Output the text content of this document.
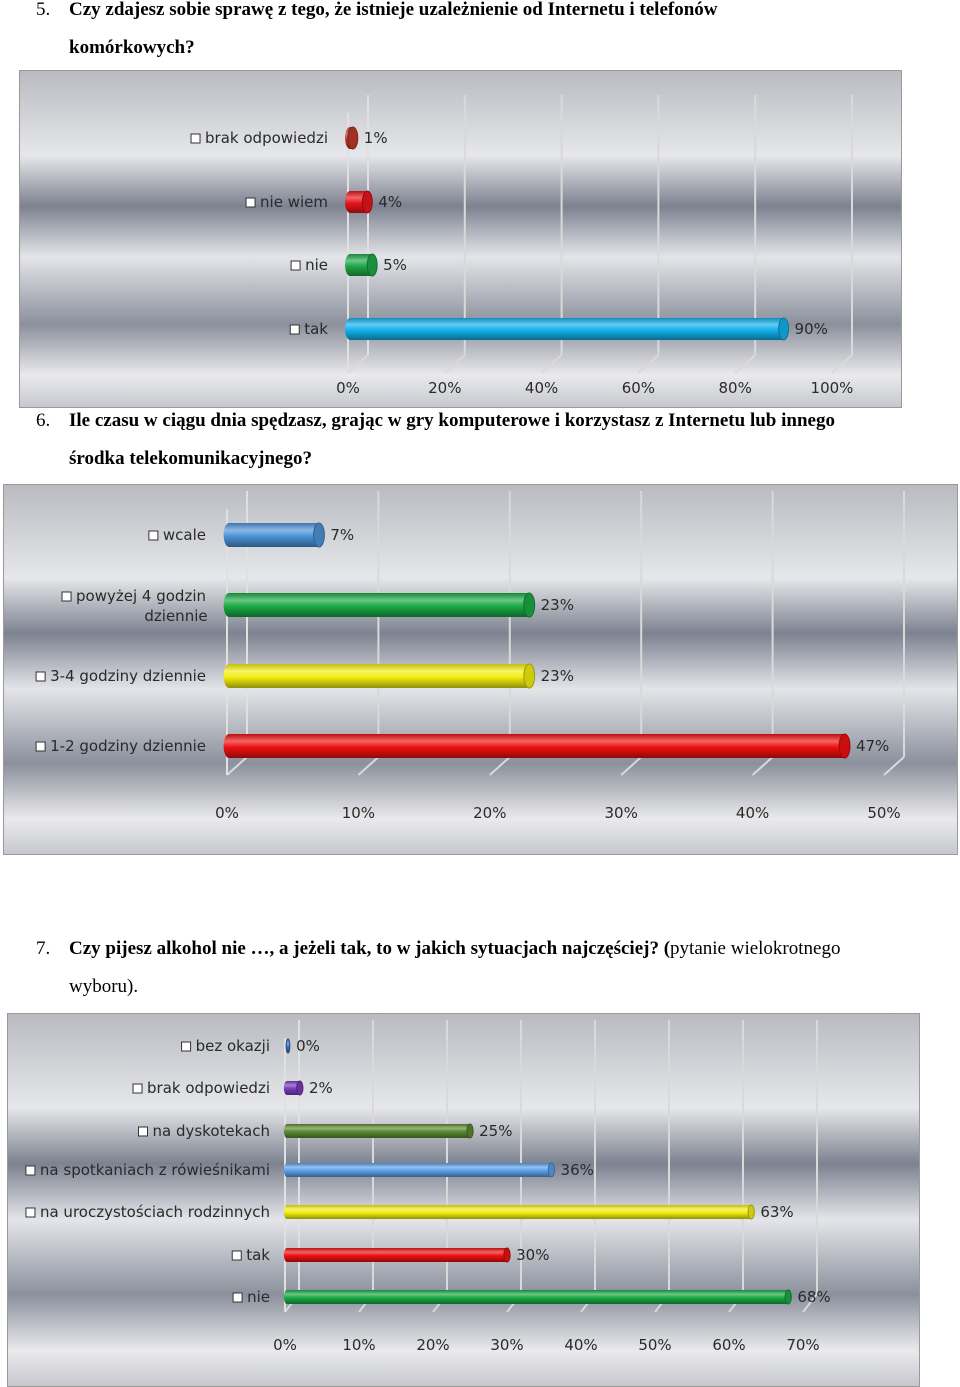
5. Czy zdajesz sobie sprawę z tego, że istnieje uzależnienie od Internetu i telefonów
komórkowych?

0%	20%	40%	60%	80%	100%
1%
brak odpowiedzi
4%
nie wiem
5%
nie
90%
tak

6. Ile czasu w ciągu dnia spędzasz, grając w gry komputerowe i korzystasz z Internetu lub innego
środka telekomunikacyjnego?

0%	10%	20%	30%	40%	50%
7%
wcale
23%
powyżej 4 godzin
dziennie
23%
3-4 godziny dziennie
47%
1-2 godziny dziennie

7. Czy pijesz alkohol nie …, a jeżeli tak, to w jakich sytuacjach najczęściej? (pytanie wielokrotnego
wyboru).

0%	10%	20%	30%	40%	50%	60%	70%
0%
bez okazji
2%
brak odpowiedzi
25%
na dyskotekach
36%
na spotkaniach z rówieśnikami
63%
na uroczystościach rodzinnych
30%
tak
68%
nie
